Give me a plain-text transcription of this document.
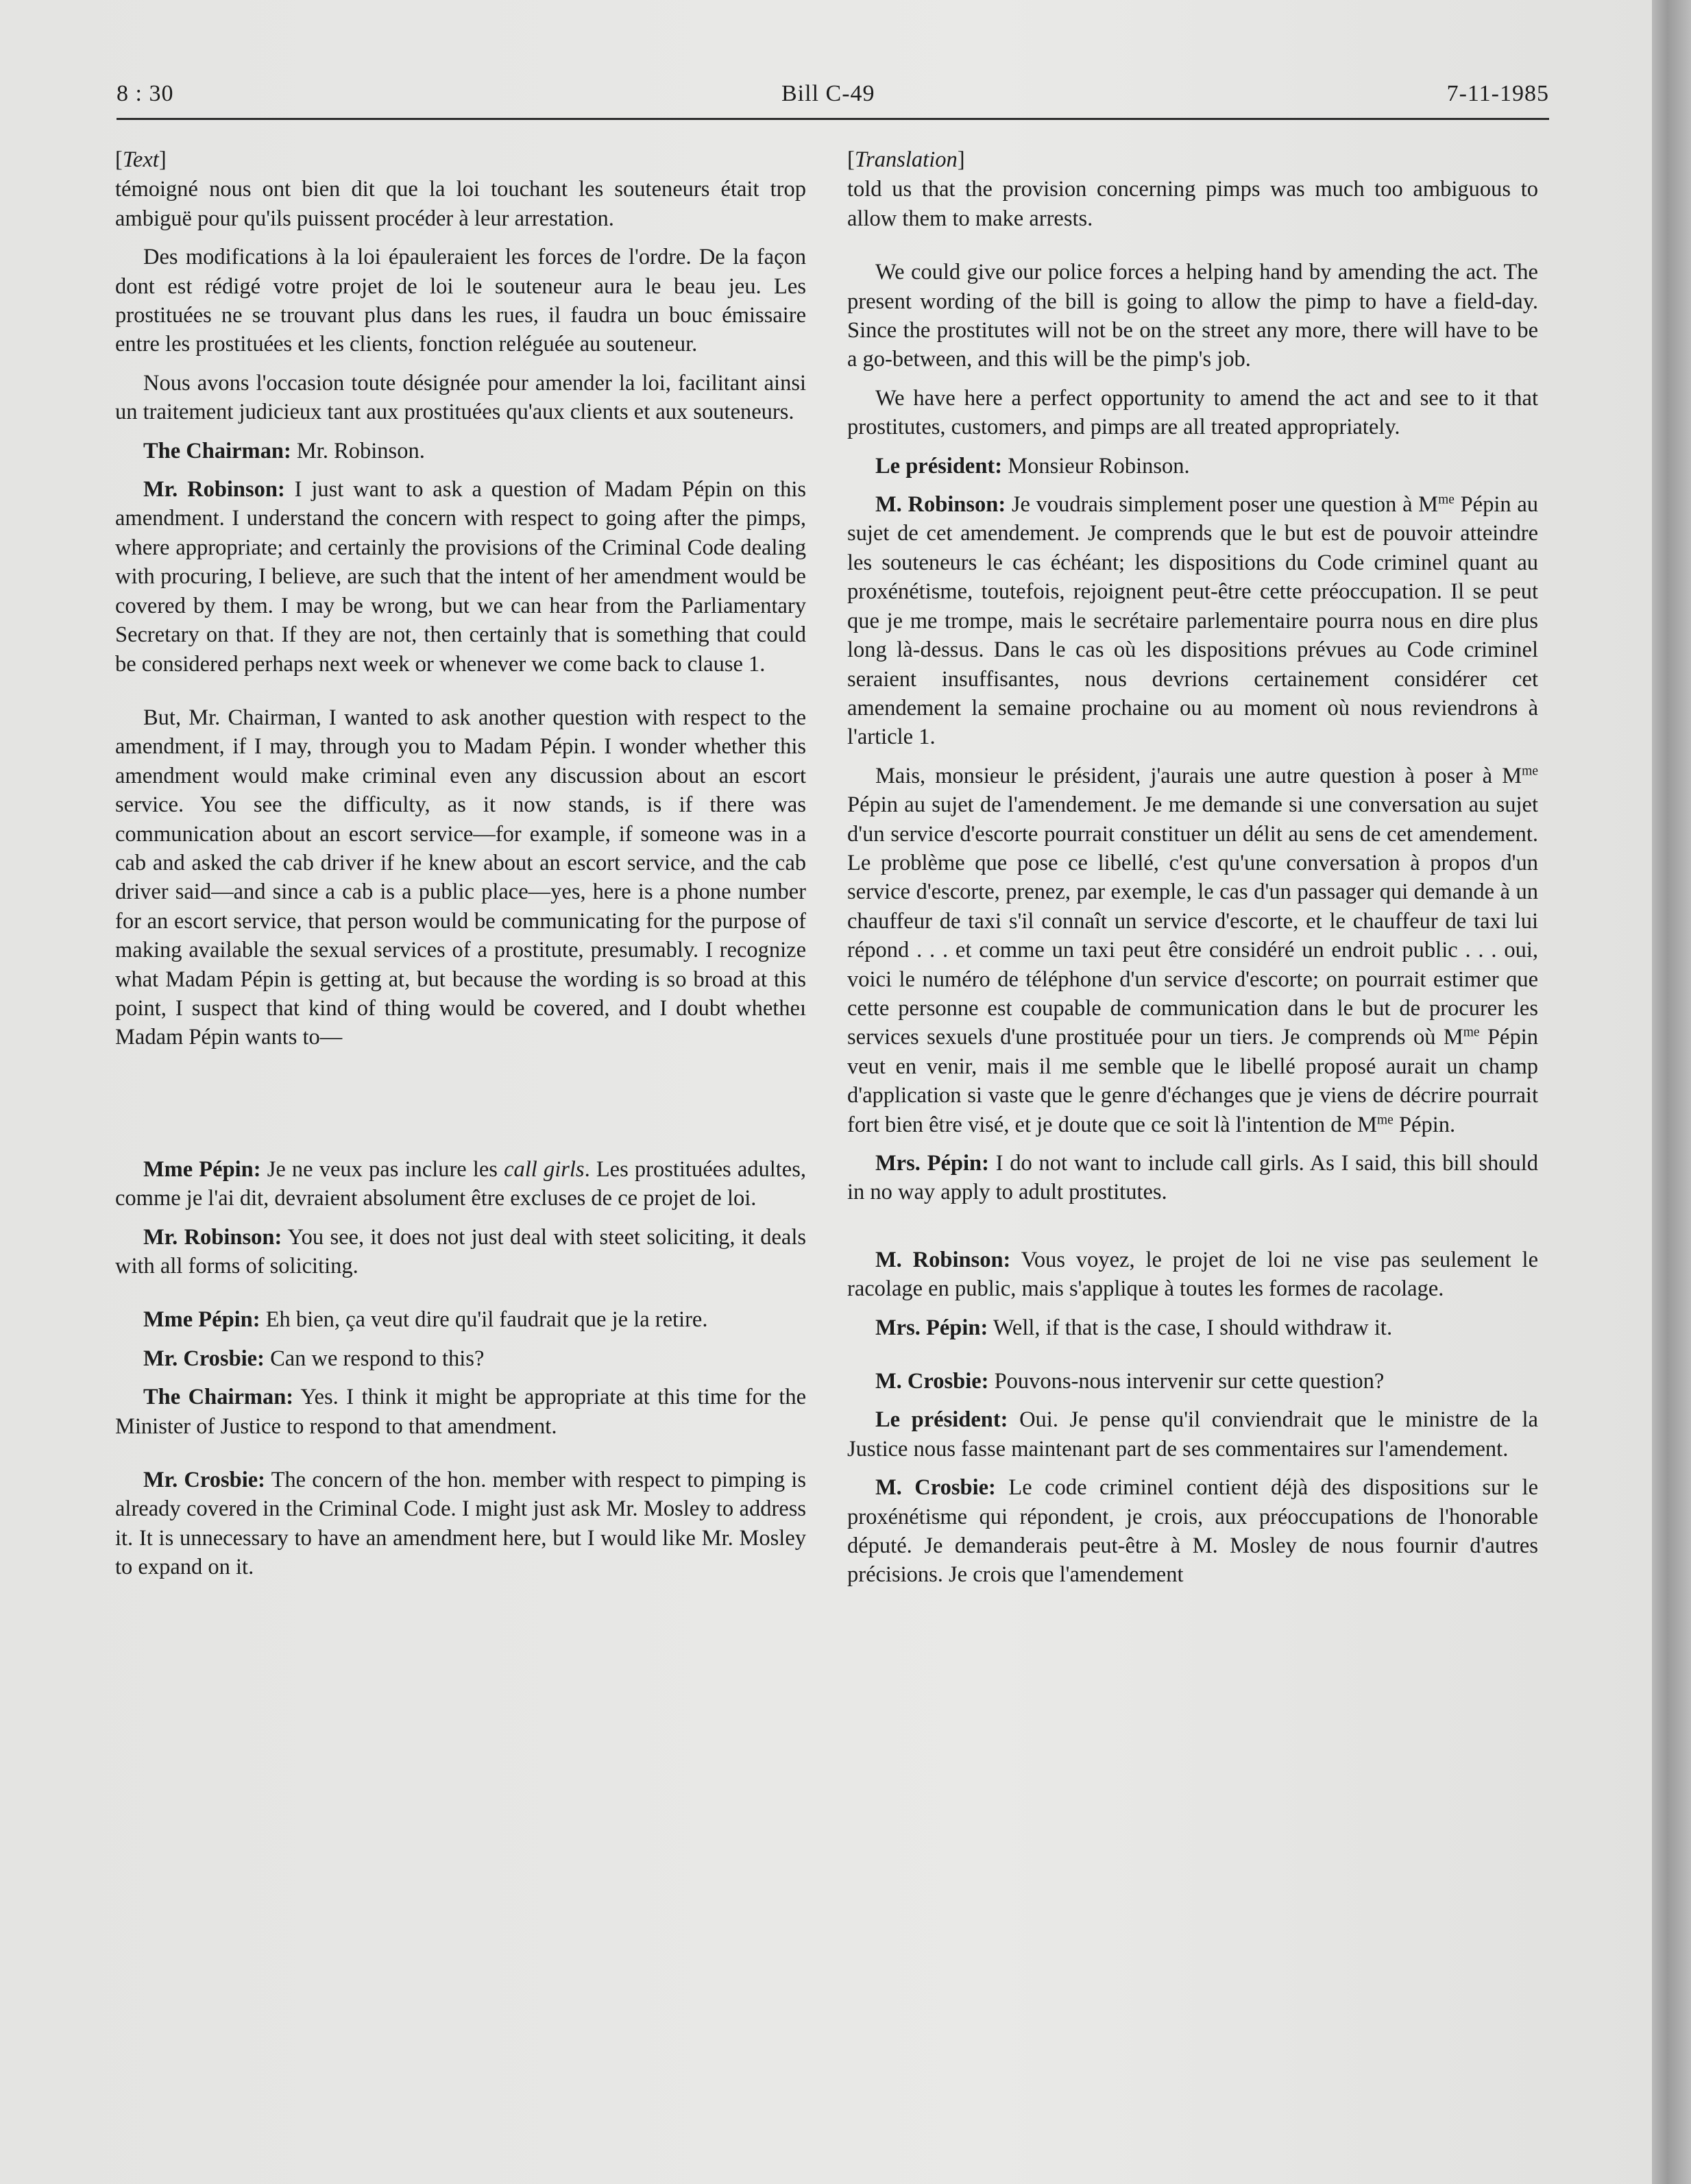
8 : 30	Bill C-49	7-11-1985

[Text]

témoigné nous ont bien dit que la loi touchant les souteneurs était trop ambiguë pour qu'ils puissent procéder à leur arrestation.

Des modifications à la loi épauleraient les forces de l'ordre. De la façon dont est rédigé votre projet de loi le souteneur aura le beau jeu. Les prostituées ne se trouvant plus dans les rues, il faudra un bouc émissaire entre les prostituées et les clients, fonction reléguée au souteneur.

Nous avons l'occasion toute désignée pour amender la loi, facilitant ainsi un traitement judicieux tant aux prostituées qu'aux clients et aux souteneurs.

The Chairman: Mr. Robinson.

Mr. Robinson: I just want to ask a question of Madam Pépin on this amendment. I understand the concern with respect to going after the pimps, where appropriate; and certainly the provisions of the Criminal Code dealing with procuring, I believe, are such that the intent of her amendment would be covered by them. I may be wrong, but we can hear from the Parliamentary Secretary on that. If they are not, then certainly that is something that could be considered perhaps next week or whenever we come back to clause 1.

But, Mr. Chairman, I wanted to ask another question with respect to the amendment, if I may, through you to Madam Pépin. I wonder whether this amendment would make criminal even any discussion about an escort service. You see the difficulty, as it now stands, is if there was communication about an escort service—for example, if someone was in a cab and asked the cab driver if he knew about an escort service, and the cab driver said—and since a cab is a public place—yes, here is a phone number for an escort service, that person would be communicating for the purpose of making available the sexual services of a prostitute, presumably. I recognize what Madam Pépin is getting at, but because the wording is so broad at this point, I suspect that kind of thing would be covered, and I doubt whetheı Madam Pépin wants to—

Mme Pépin: Je ne veux pas inclure les call girls. Les prostituées adultes, comme je l'ai dit, devraient absolument être excluses de ce projet de loi.

Mr. Robinson: You see, it does not just deal with steet soliciting, it deals with all forms of soliciting.

Mme Pépin: Eh bien, ça veut dire qu'il faudrait que je la retire.

Mr. Crosbie: Can we respond to this?

The Chairman: Yes. I think it might be appropriate at this time for the Minister of Justice to respond to that amendment.

Mr. Crosbie: The concern of the hon. member with respect to pimping is already covered in the Criminal Code. I might just ask Mr. Mosley to address it. It is unnecessary to have an amendment here, but I would like Mr. Mosley to expand on it.

[Translation]

told us that the provision concerning pimps was much too ambiguous to allow them to make arrests.

We could give our police forces a helping hand by amending the act. The present wording of the bill is going to allow the pimp to have a field-day. Since the prostitutes will not be on the street any more, there will have to be a go-between, and this will be the pimp's job.

We have here a perfect opportunity to amend the act and see to it that prostitutes, customers, and pimps are all treated appropriately.

Le président: Monsieur Robinson.

M. Robinson: Je voudrais simplement poser une question à $M^{me}$ Pépin au sujet de cet amendement. Je comprends que le but est de pouvoir atteindre les souteneurs le cas échéant; les dispositions du Code criminel quant au proxénétisme, toutefois, rejoignent peut-être cette préoccupation. Il se peut que je me trompe, mais le secrétaire parlementaire pourra nous en dire plus long là-dessus. Dans le cas où les dispositions prévues au Code criminel seraient insuffisantes, nous devrions certainement considérer cet amendement la semaine prochaine ou au moment où nous reviendrons à l'article 1.

Mais, monsieur le président, j'aurais une autre question à poser à $M^{me}$ Pépin au sujet de l'amendement. Je me demande si une conversation au sujet d'un service d'escorte pourrait constituer un délit au sens de cet amendement. Le problème que pose ce libellé, c'est qu'une conversation à propos d'un service d'escorte, prenez, par exemple, le cas d'un passager qui demande à un chauffeur de taxi s'il connaît un service d'escorte, et le chauffeur de taxi lui répond . . . et comme un taxi peut être considéré un endroit public . . . oui, voici le numéro de téléphone d'un service d'escorte; on pourrait estimer que cette personne est coupable de communication dans le but de procurer les services sexuels d'une prostituée pour un tiers. Je comprends où $M^{me}$ Pépin veut en venir, mais il me semble que le libellé proposé aurait un champ d'application si vaste que le genre d'échanges que je viens de décrire pourrait fort bien être visé, et je doute que ce soit là l'intention de $M^{me}$ Pépin.

Mrs. Pépin: I do not want to include call girls. As I said, this bill should in no way apply to adult prostitutes.

M. Robinson: Vous voyez, le projet de loi ne vise pas seulement le racolage en public, mais s'applique à toutes les formes de racolage.

Mrs. Pépin: Well, if that is the case, I should withdraw it.

M. Crosbie: Pouvons-nous intervenir sur cette question?

Le président: Oui. Je pense qu'il conviendrait que le ministre de la Justice nous fasse maintenant part de ses commentaires sur l'amendement.

M. Crosbie: Le code criminel contient déjà des dispositions sur le proxénétisme qui répondent, je crois, aux préoccupations de l'honorable député. Je demanderais peut-être à M. Mosley de nous fournir d'autres précisions. Je crois que l'amendement
